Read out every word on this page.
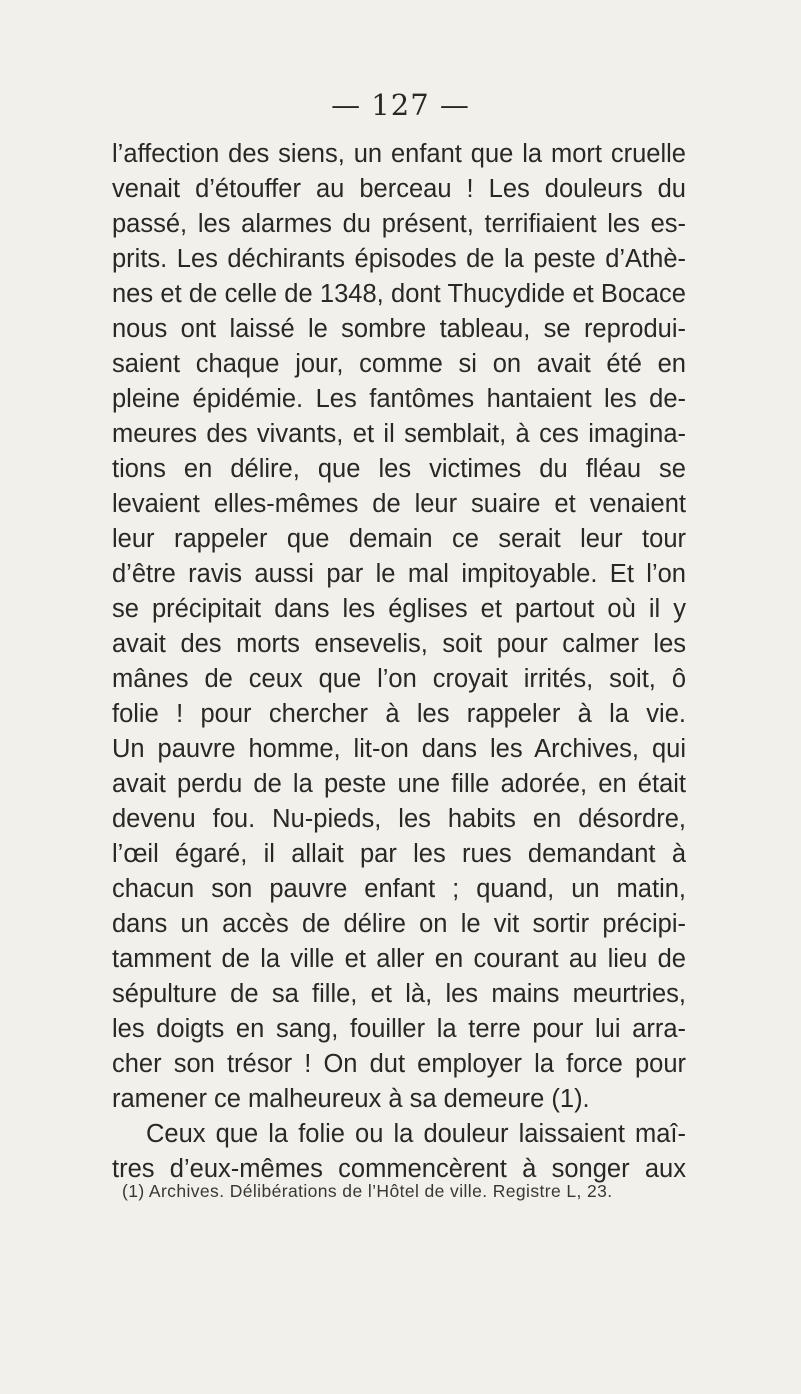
— 127 —
l’affection des siens, un enfant que la mort cruelle
venait d’étouffer au berceau ! Les douleurs du
passé, les alarmes du présent, terrifiaient les es-
prits. Les déchirants épisodes de la peste d’Athè-
nes et de celle de 1348, dont Thucydide et Bocace
nous ont laissé le sombre tableau, se reprodui-
saient chaque jour, comme si on avait été en
pleine épidémie. Les fantômes hantaient les de-
meures des vivants, et il semblait, à ces imagina-
tions en délire, que les victimes du fléau se
levaient elles-mêmes de leur suaire et venaient
leur rappeler que demain ce serait leur tour
d’être ravis aussi par le mal impitoyable. Et l’on
se précipitait dans les églises et partout où il y
avait des morts ensevelis, soit pour calmer les
mânes de ceux que l’on croyait irrités, soit, ô
folie ! pour chercher à les rappeler à la vie.
Un pauvre homme, lit-on dans les Archives, qui
avait perdu de la peste une fille adorée, en était
devenu fou. Nu-pieds, les habits en désordre,
l’œil égaré, il allait par les rues demandant à
chacun son pauvre enfant ; quand, un matin,
dans un accès de délire on le vit sortir précipi-
tamment de la ville et aller en courant au lieu de
sépulture de sa fille, et là, les mains meurtries,
les doigts en sang, fouiller la terre pour lui arra-
cher son trésor ! On dut employer la force pour
ramener ce malheureux à sa demeure (1).
Ceux que la folie ou la douleur laissaient maî-
tres d’eux-mêmes commencèrent à songer aux
(1) Archives. Délibérations de l’Hôtel de ville. Registre L, 23.
